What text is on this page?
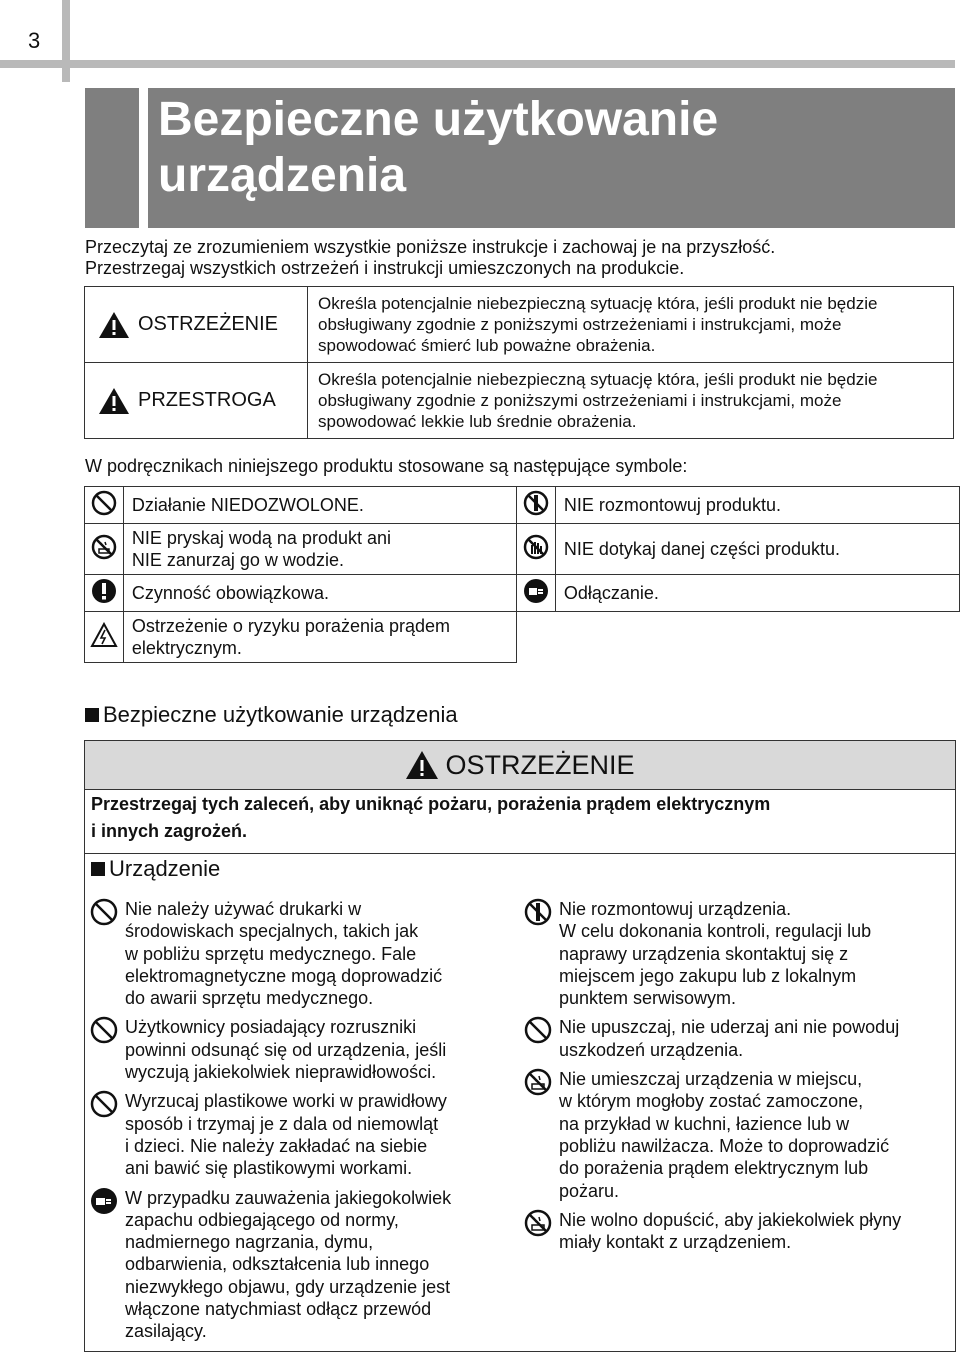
3
Bezpieczne użytkowanie
urządzenia
Przeczytaj ze zrozumieniem wszystkie poniższe instrukcje i zachowaj je na przyszłość.
Przestrzegaj wszystkich ostrzeżeń i instrukcji umieszczonych na produkcie.
OSTRZEŻENIE	Określa potencjalnie niebezpieczną sytuację która, jeśli produkt nie będzie obsługiwany zgodnie z poniższymi ostrzeżeniami i instrukcjami, może spowodować śmierć lub poważne obrażenia.

PRZESTROGA	Określa potencjalnie niebezpieczną sytuację która, jeśli produkt nie będzie obsługiwany zgodnie z poniższymi ostrzeżeniami i instrukcjami, może spowodować lekkie lub średnie obrażenia.
W podręcznikach niniejszego produktu stosowane są następujące symbole:
	Działanie NIEDOZWOLONE.		NIE rozmontowuj produktu.
	NIE pryskaj wodą na produkt ani
NIE zanurzaj go w wodzie.		NIE dotykaj danej części produktu.
	Czynność obowiązkowa.		Odłączanie.
	Ostrzeżenie o ryzyku porażenia prądem
elektrycznym.		
Bezpieczne użytkowanie urządzenia
OSTRZEŻENIE
Przestrzegaj tych zaleceń, aby uniknąć pożaru, porażenia prądem elektrycznym
i innych zagrożeń.
Urządzenie
Nie należy używać drukarki w
środowiskach specjalnych, takich jak
w pobliżu sprzętu medycznego. Fale
elektromagnetyczne mogą doprowadzić
do awarii sprzętu medycznego.
Użytkownicy posiadający rozruszniki
powinni odsunąć się od urządzenia, jeśli
wyczują jakiekolwiek nieprawidłowości.
Wyrzucaj plastikowe worki w prawidłowy
sposób i trzymaj je z dala od niemowląt
i dzieci. Nie należy zakładać na siebie
ani bawić się plastikowymi workami.
W przypadku zauważenia jakiegokolwiek
zapachu odbiegającego od normy,
nadmiernego nagrzania, dymu,
odbarwienia, odkształcenia lub innego
niezwykłego objawu, gdy urządzenie jest
włączone natychmiast odłącz przewód
zasilający.
Nie rozmontowuj urządzenia.
W celu dokonania kontroli, regulacji lub
naprawy urządzenia skontaktuj się z
miejscem jego zakupu lub z lokalnym
punktem serwisowym.
Nie upuszczaj, nie uderzaj ani nie powoduj
uszkodzeń urządzenia.
Nie umieszczaj urządzenia w miejscu,
w którym mogłoby zostać zamoczone,
na przykład w kuchni, łazience lub w
pobliżu nawilżacza. Może to doprowadzić
do porażenia prądem elektrycznym lub
pożaru.
Nie wolno dopuścić, aby jakiekolwiek płyny
miały kontakt z urządzeniem.
